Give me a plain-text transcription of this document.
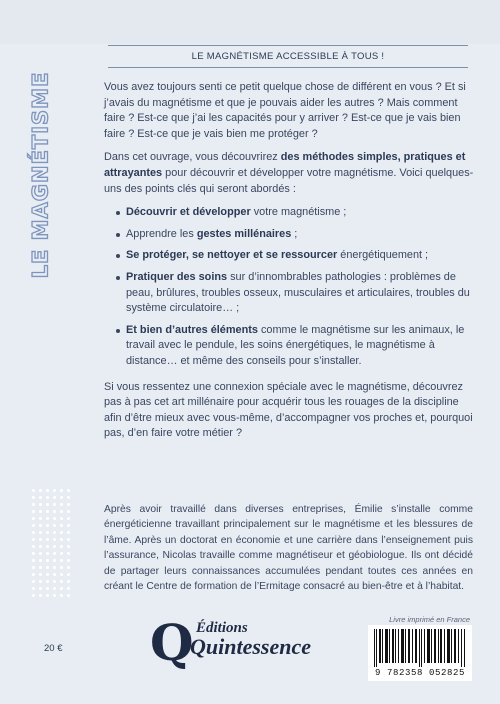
LE MAGNÉTISME ACCESSIBLE À TOUS !
LE MAGNÉTISME	Vous avez toujours senti ce petit quelque chose de différent en vous ? Et si j’avais du magnétisme et que je pouvais aider les autres ? Mais comment faire ? Est-ce que j’ai les capacités pour y arriver ? Est-ce que je vais bien faire ? Est-ce que je vais bien me protéger ?

Dans cet ouvrage, vous découvrirez des méthodes simples, pratiques et attrayantes pour découvrir et développer votre magnétisme. Voici quelques-uns des points clés qui seront abordés :

Découvrir et développer votre magnétisme ;
Apprendre les gestes millénaires ;
Se protéger, se nettoyer et se ressourcer énergétiquement ;
Pratiquer des soins sur d’innombrables pathologies : problèmes de peau, brûlures, troubles osseux, musculaires et articulaires, troubles du système circulatoire… ;
Et bien d’autres éléments comme le magnétisme sur les animaux, le travail avec le pendule, les soins énergétiques, le magnétisme à distance… et même des conseils pour s’installer.

Si vous ressentez une connexion spéciale avec le magnétisme, découvrez pas à pas cet art millénaire pour acquérir tous les rouages de la discipline afin d’être mieux avec vous-même, d’accompagner vos proches et, pourquoi pas, d’en faire votre métier ?

Après avoir travaillé dans diverses entreprises, Émilie s’installe comme énergéticienne travaillant principalement sur le magnétisme et les blessures de l’âme. Après un doctorat en économie et une carrière dans l’enseignement puis l’assurance, Nicolas travaille comme magnétiseur et géobiologue. Ils ont décidé de partager leurs connaissances accumulées pendant toutes ces années en créant le Centre de formation de l’Ermitage consacré au bien-être et à l’habitat.
20 € Q Éditions
Quintessence
Livre imprimé en France
9 782358 052825
